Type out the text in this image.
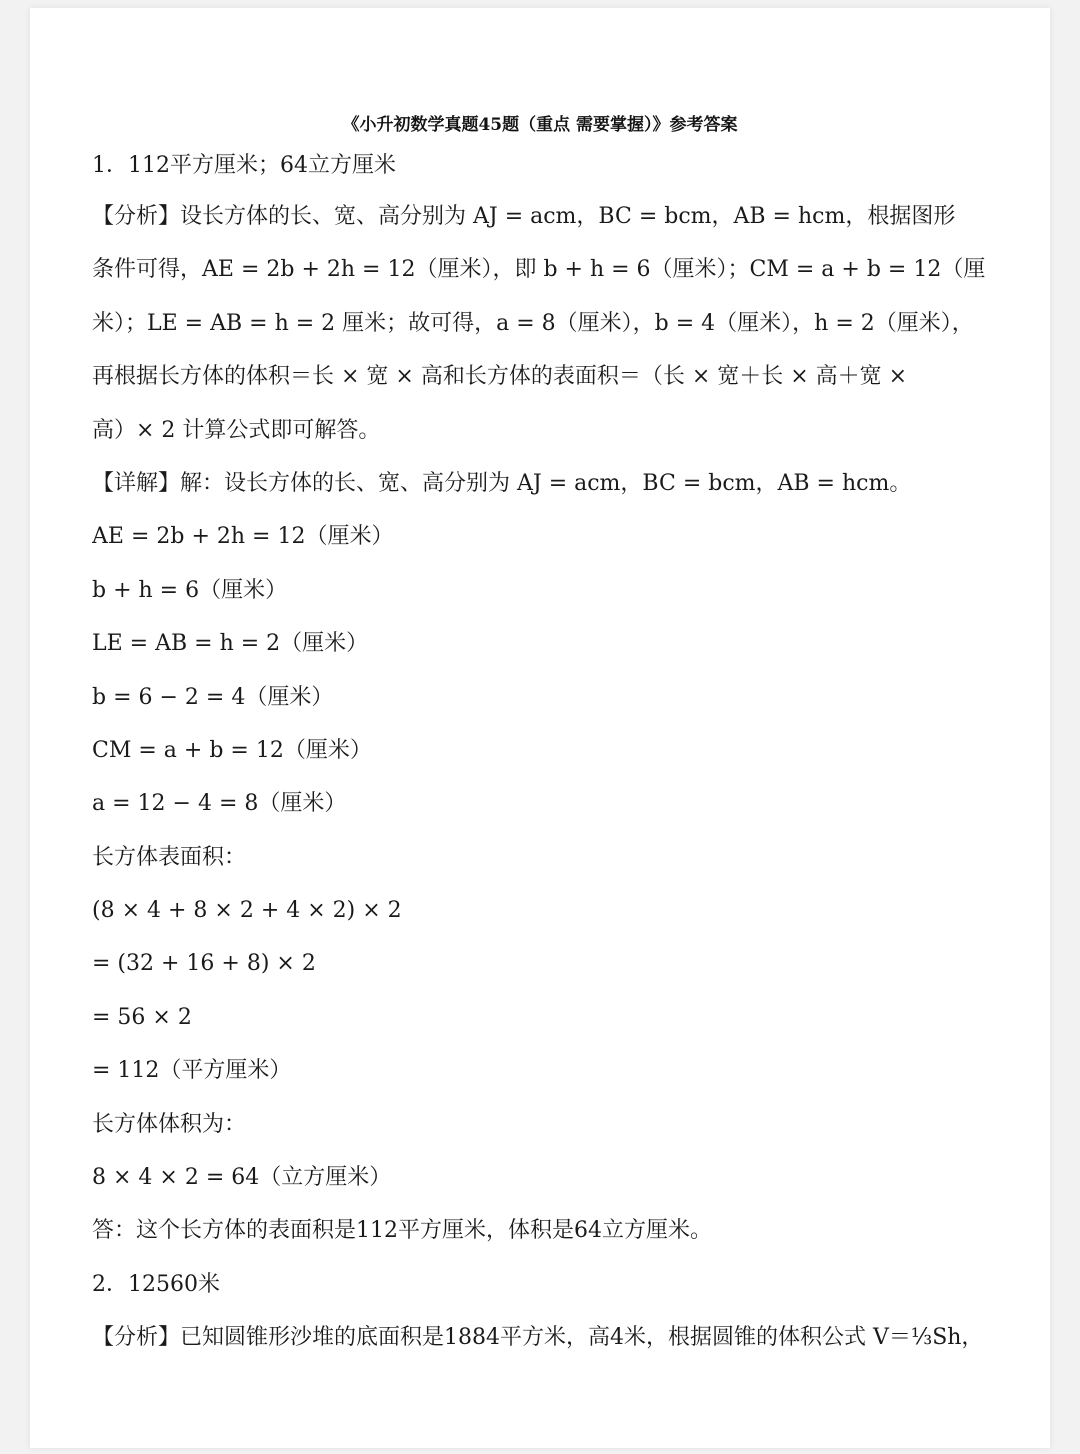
《小升初数学真题45题（重点 需要掌握）》参考答案
1．112平方厘米；64立方厘米
【分析】设长方体的长、宽、高分别为 AJ = acm，BC = bcm，AB = hcm，根据图形
条件可得，AE = 2b + 2h = 12（厘米），即 b + h = 6（厘米）；CM = a + b = 12（厘
米）；LE = AB = h = 2 厘米；故可得，a = 8（厘米），b = 4（厘米），h = 2（厘米），
再根据长方体的体积＝长 × 宽 × 高和长方体的表面积＝（长 × 宽＋长 × 高＋宽 ×
高）× 2 计算公式即可解答。
【详解】解：设长方体的长、宽、高分别为 AJ = acm，BC = bcm，AB = hcm。
AE = 2b + 2h = 12（厘米）
b + h = 6（厘米）
LE = AB = h = 2（厘米）
b = 6 − 2 = 4（厘米）
CM = a + b = 12（厘米）
a = 12 − 4 = 8（厘米）
长方体表面积：
(8 × 4 + 8 × 2 + 4 × 2) × 2
= (32 + 16 + 8) × 2
= 56 × 2
= 112（平方厘米）
长方体体积为：
8 × 4 × 2 = 64（立方厘米）
答：这个长方体的表面积是112平方厘米，体积是64立方厘米。
2．12560米
【分析】已知圆锥形沙堆的底面积是1884平方米，高4米，根据圆锥的体积公式 V＝⅓Sh，
